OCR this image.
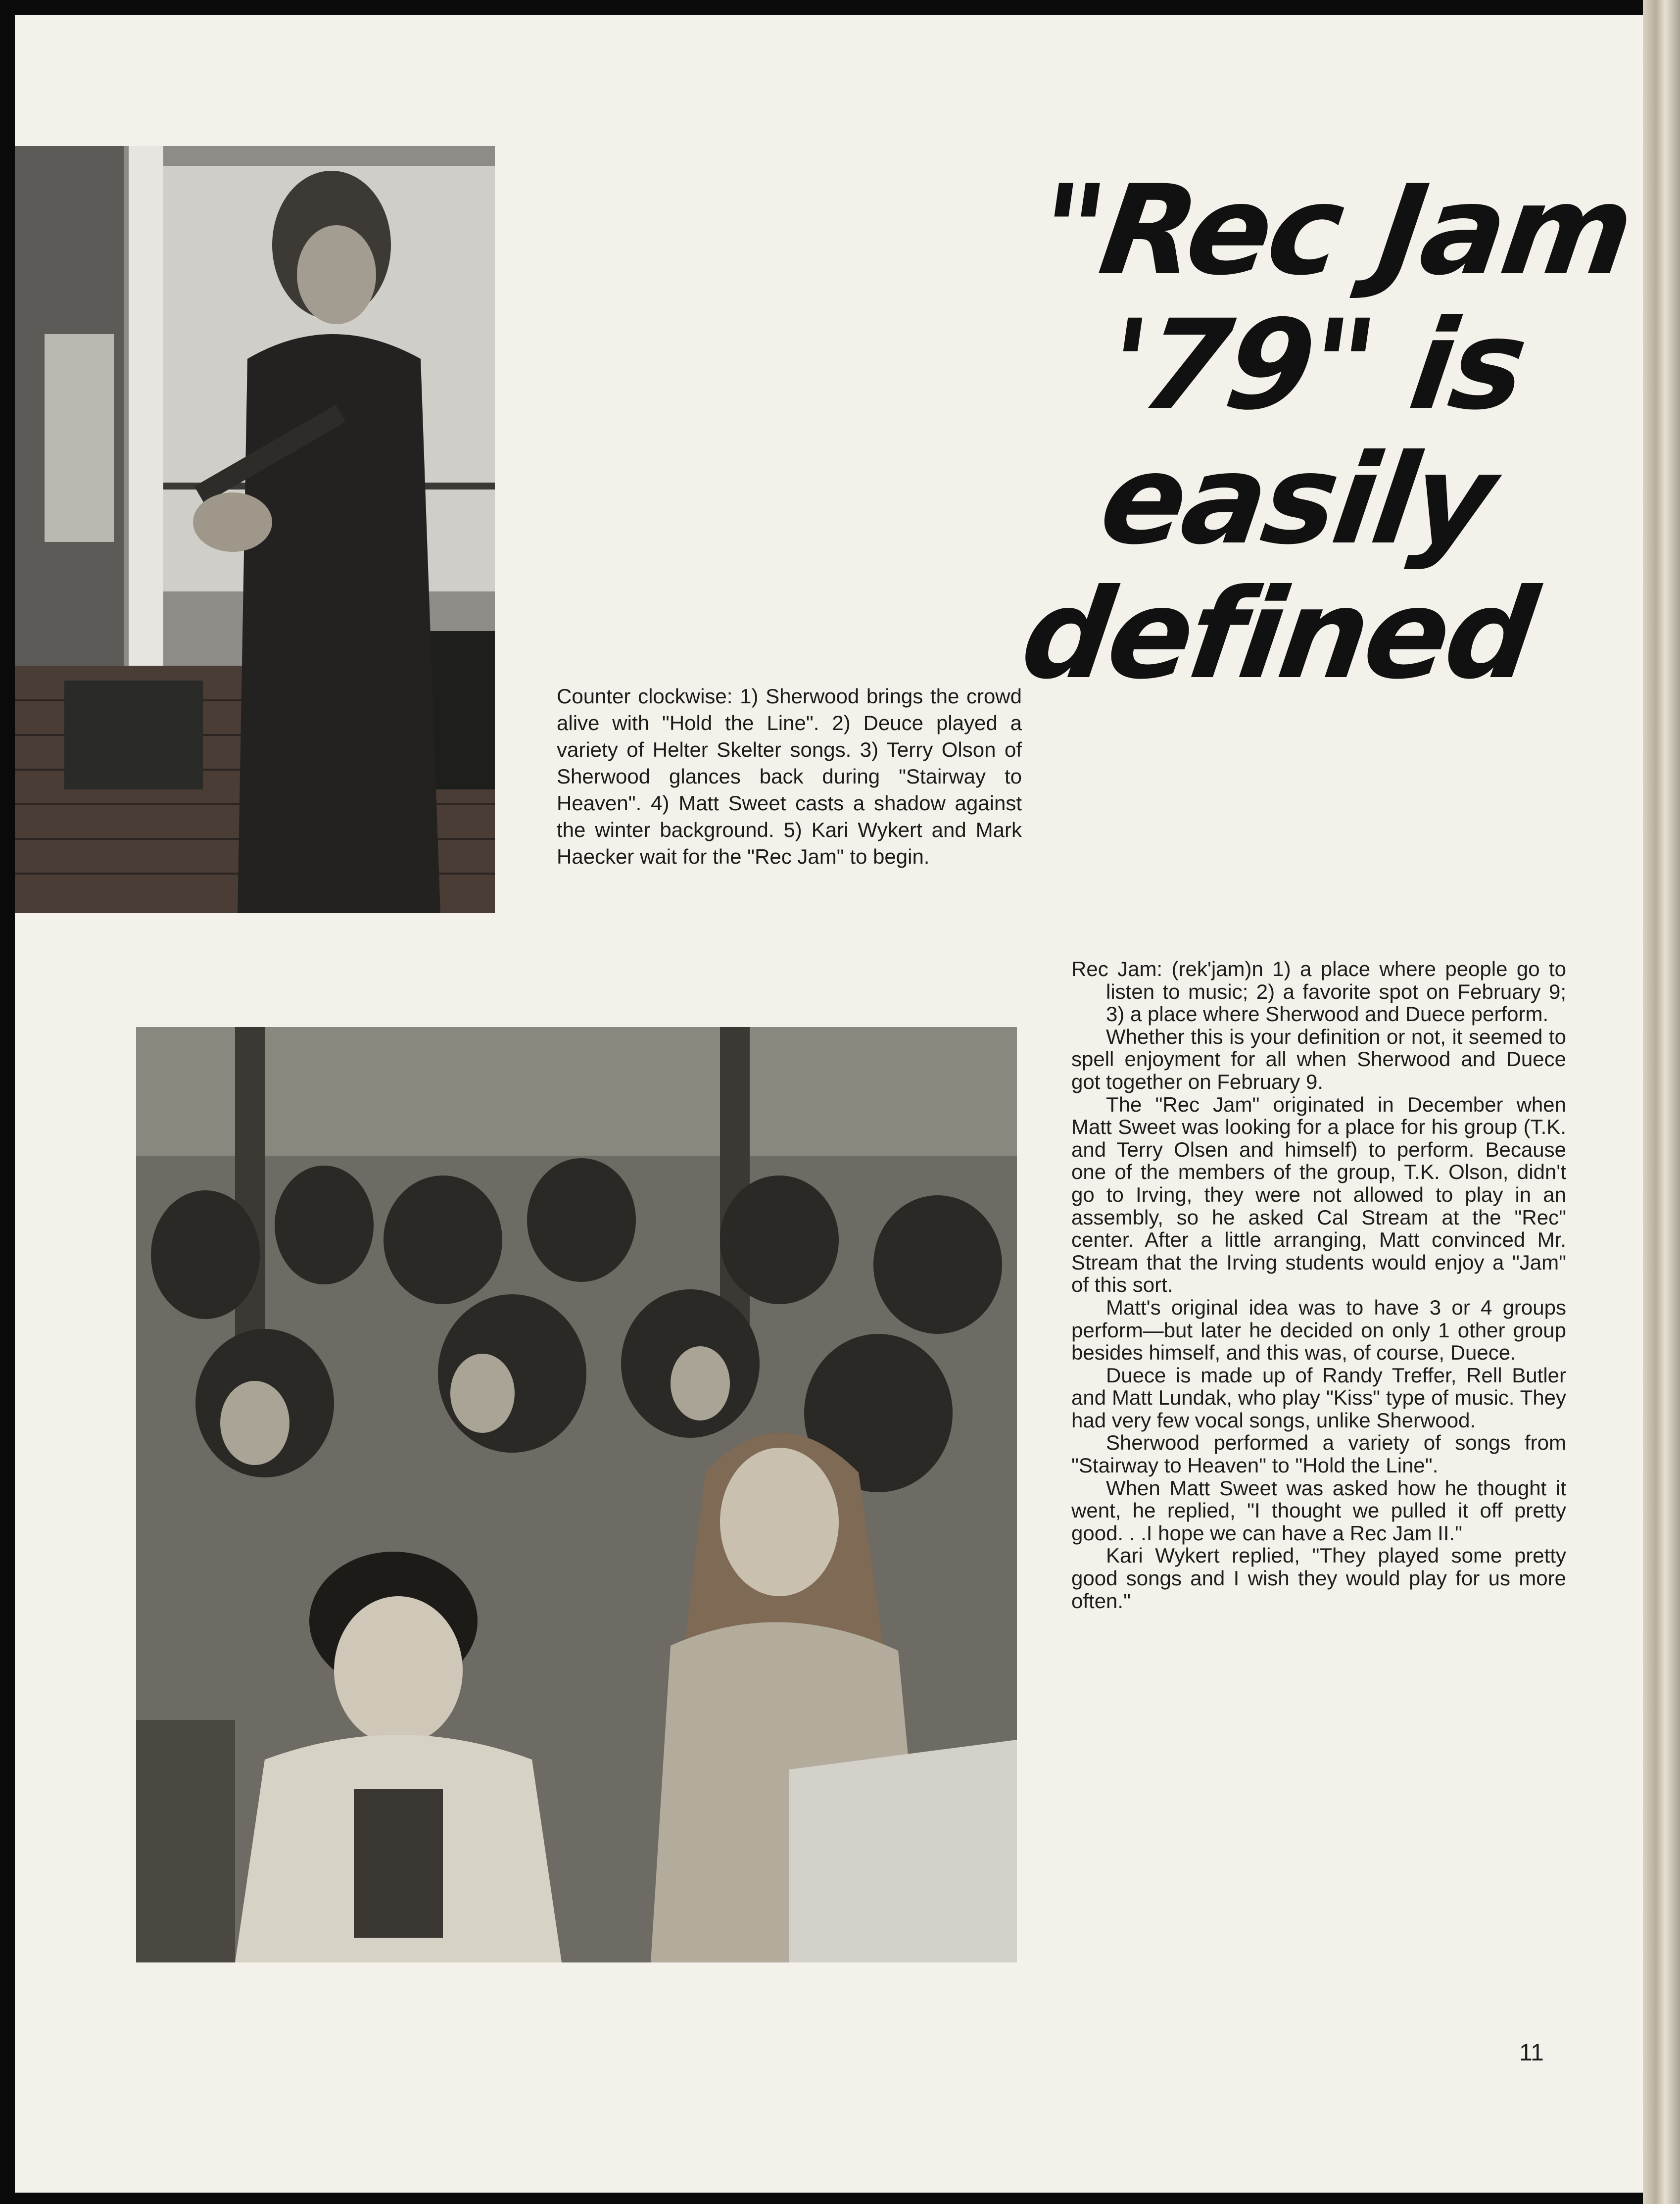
"Rec Jam
'79" is
easily
defined
Counter clockwise: 1) Sherwood brings the crowd alive with "Hold the Line". 2) Deuce played a variety of Helter Skelter songs. 3) Terry Olson of Sherwood glances back during "Stairway to Heaven". 4) Matt Sweet casts a shadow against the winter background. 5) Kari Wykert and Mark Haecker wait for the "Rec Jam" to begin.

Rec Jam: (rek'jam)n 1) a place where people go to listen to music; 2) a favorite spot on February 9; 3) a place where Sherwood and Duece perform.

Whether this is your definition or not, it seemed to spell enjoyment for all when Sherwood and Duece got together on February 9.

The "Rec Jam" originated in December when Matt Sweet was looking for a place for his group (T.K. and Terry Olsen and himself) to perform. Because one of the members of the group, T.K. Olson, didn't go to Irving, they were not allowed to play in an assembly, so he asked Cal Stream at the "Rec" center. After a little arranging, Matt convinced Mr. Stream that the Irving students would enjoy a "Jam" of this sort.

Matt's original idea was to have 3 or 4 groups perform—but later he decided on only 1 other group besides himself, and this was, of course, Duece.

Duece is made up of Randy Treffer, Rell Butler and Matt Lundak, who play "Kiss" type of music. They had very few vocal songs, unlike Sherwood.

Sherwood performed a variety of songs from "Stairway to Heaven" to "Hold the Line".

When Matt Sweet was asked how he thought it went, he replied, "I thought we pulled it off pretty good. . .I hope we can have a Rec Jam II."

Kari Wykert replied, "They played some pretty good songs and I wish they would play for us more often."

11
